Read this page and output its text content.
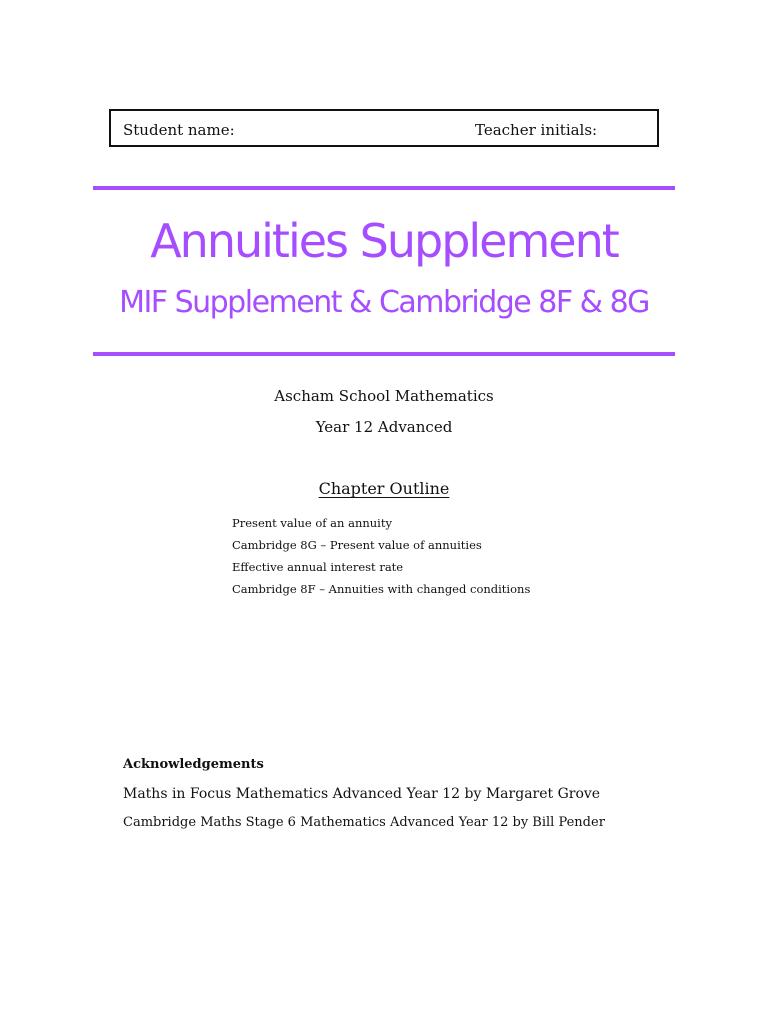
Student name:	Teacher initials:
Annuities Supplement
MIF Supplement & Cambridge 8F & 8G
Ascham School Mathematics
Year 12 Advanced
Chapter Outline
Present value of an annuity
Cambridge 8G – Present value of annuities
Effective annual interest rate
Cambridge 8F – Annuities with changed conditions
Acknowledgements
Maths in Focus Mathematics Advanced Year 12 by Margaret Grove
Cambridge Maths Stage 6 Mathematics Advanced Year 12 by Bill Pender
